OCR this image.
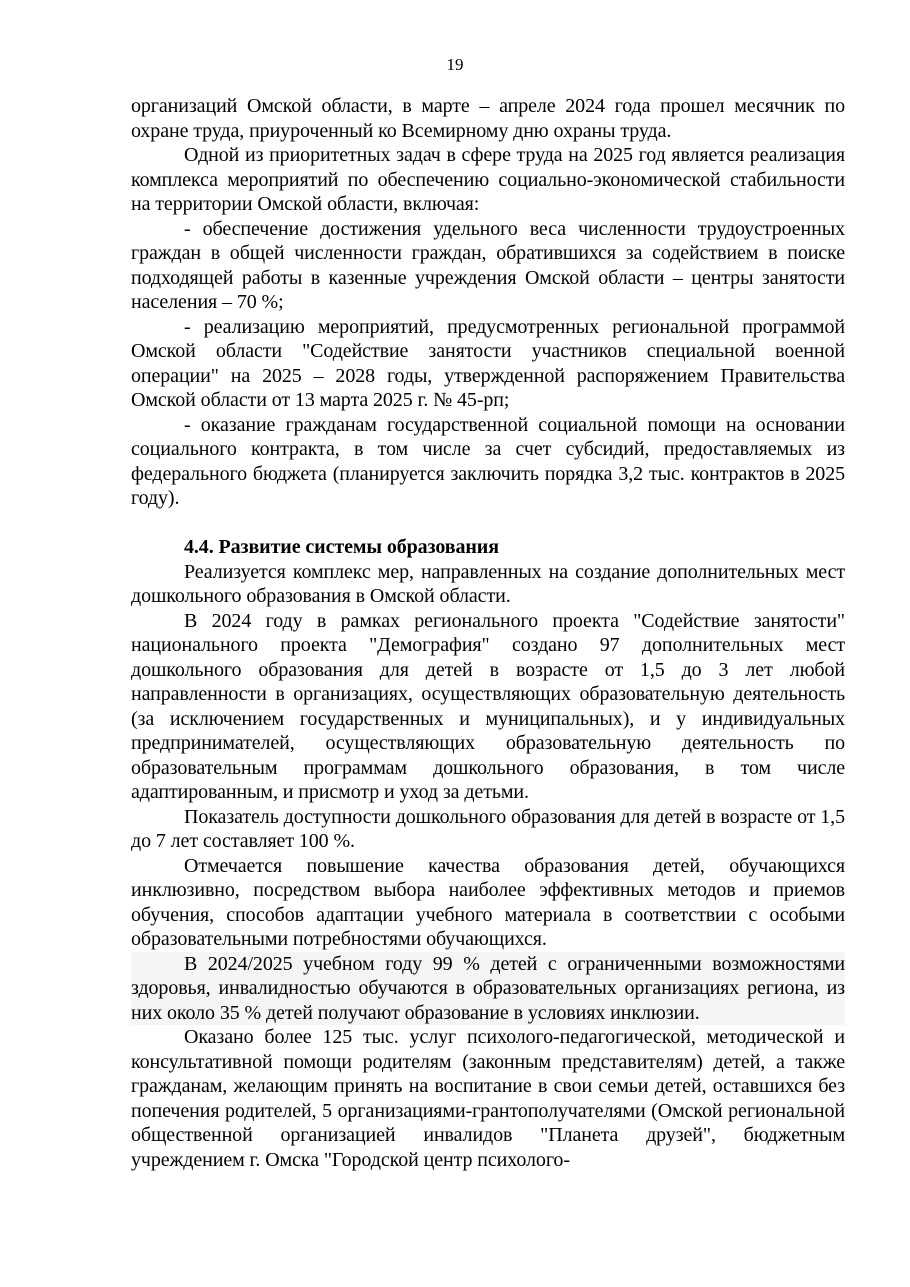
19

организаций Омской области, в марте – апреле 2024 года прошел месячник по охране труда, приуроченный ко Всемирному дню охраны труда.

Одной из приоритетных задач в сфере труда на 2025 год является реализация комплекса мероприятий по обеспечению социально-экономической стабильности на территории Омской области, включая:

- обеспечение достижения удельного веса численности трудоустроенных граждан в общей численности граждан, обратившихся за содействием в поиске подходящей работы в казенные учреждения Омской области – центры занятости населения – 70 %;

- реализацию мероприятий, предусмотренных региональной программой Омской области "Содействие занятости участников специальной военной операции" на 2025 – 2028 годы, утвержденной распоряжением Правительства Омской области от 13 марта 2025 г. № 45-рп;

- оказание гражданам государственной социальной помощи на основании социального контракта, в том числе за счет субсидий, предоставляемых из федерального бюджета (планируется заключить порядка 3,2 тыс. контрактов в 2025 году).

4.4. Развитие системы образования

Реализуется комплекс мер, направленных на создание дополнительных мест дошкольного образования в Омской области.

В 2024 году в рамках регионального проекта "Содействие занятости" национального проекта "Демография" создано 97 дополнительных мест дошкольного образования для детей в возрасте от 1,5 до 3 лет любой направленности в организациях, осуществляющих образовательную деятельность (за исключением государственных и муниципальных), и у индивидуальных предпринимателей, осуществляющих образовательную деятельность по образовательным программам дошкольного образования, в том числе адаптированным, и присмотр и уход за детьми.

Показатель доступности дошкольного образования для детей в возрасте от 1,5 до 7 лет составляет 100 %.

Отмечается повышение качества образования детей, обучающихся инклюзивно, посредством выбора наиболее эффективных методов и приемов обучения, способов адаптации учебного материала в соответствии с особыми образовательными потребностями обучающихся.

В 2024/2025 учебном году 99 % детей с ограниченными возможностями здоровья, инвалидностью обучаются в образовательных организациях региона, из них около 35 % детей получают образование в условиях инклюзии.

Оказано более 125 тыс. услуг психолого-педагогической, методической и консультативной помощи родителям (законным представителям) детей, а также гражданам, желающим принять на воспитание в свои семьи детей, оставшихся без попечения родителей, 5 организациями-грантополучателями (Омской региональной общественной организацией инвалидов "Планета друзей", бюджетным учреждением г. Омска "Городской центр психолого-
